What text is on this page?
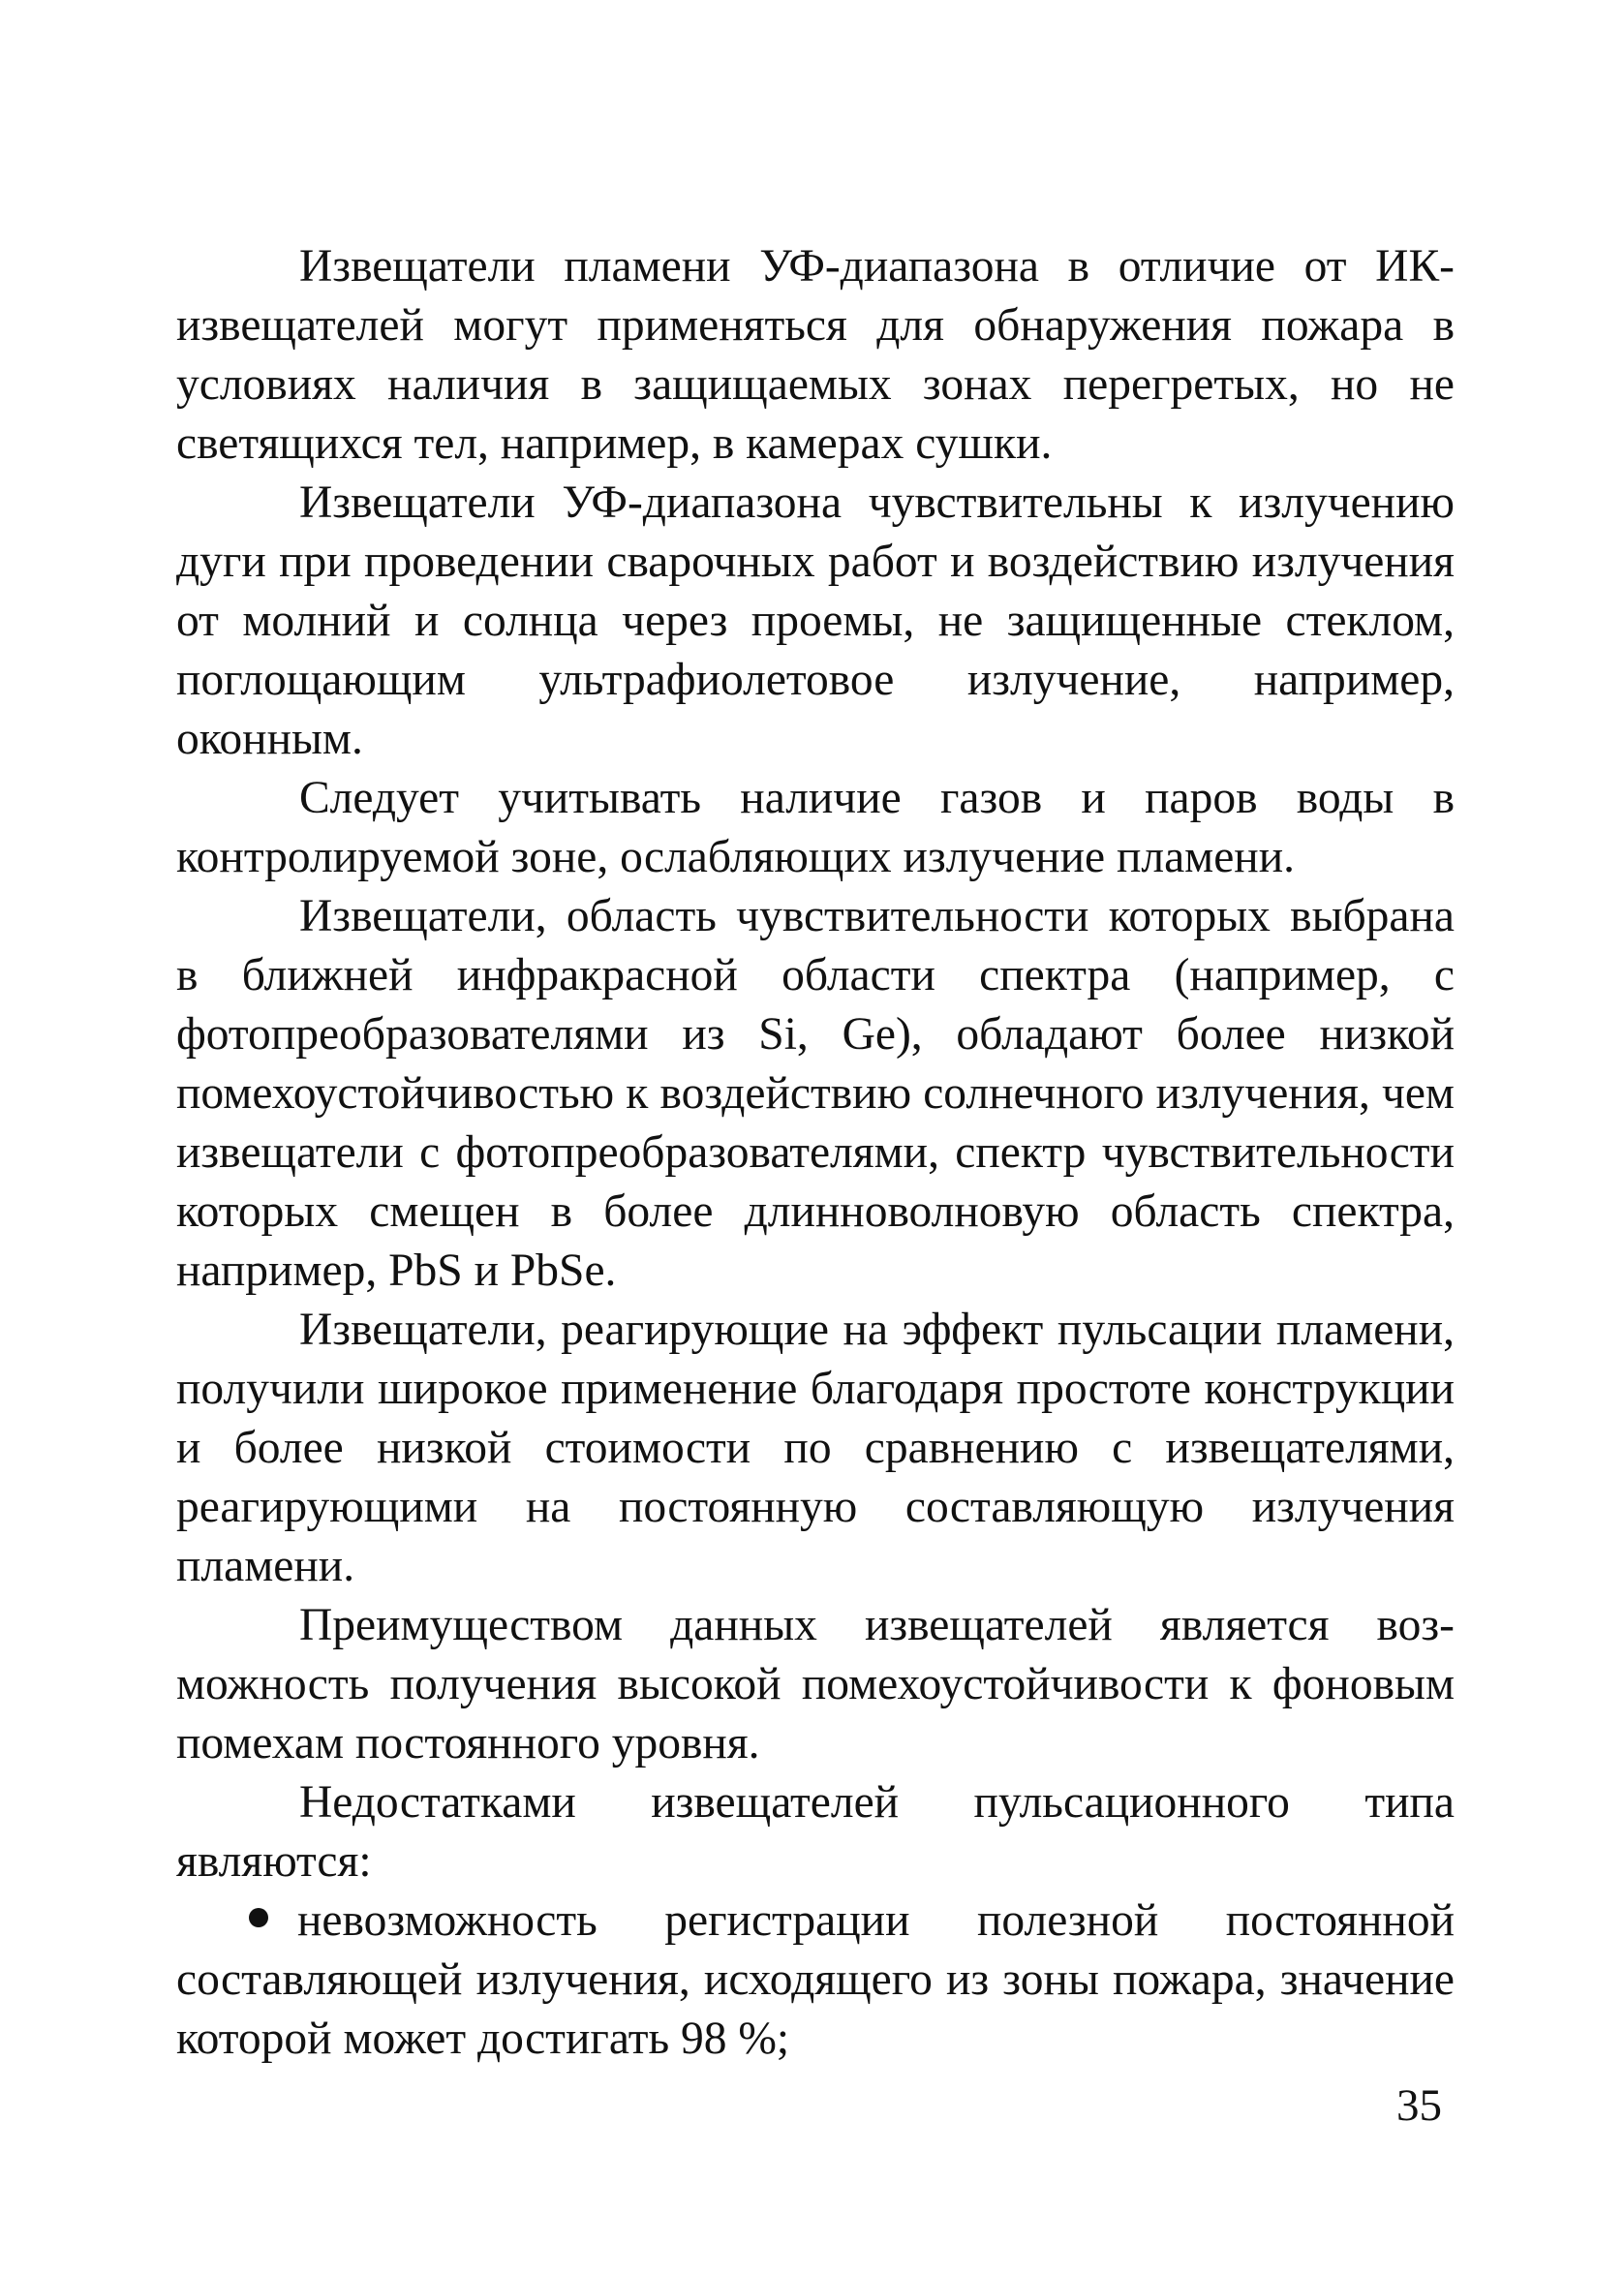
Извещатели пламени УФ-диапазона в отличие от ИК-извещателей могут применяться для обнаружения пожара в условиях наличия в защищаемых зонах перегретых, но не светящихся тел, например, в камерах сушки.

Извещатели УФ-диапазона чувствительны к излучению дуги при проведении сварочных работ и воздействию излучения от молний и солнца через проемы, не защищенные стеклом, поглощающим ультрафиолетовое излучение, например, оконным.

Следует учитывать наличие газов и паров воды в контролируемой зоне, ослабляющих излучение пламени.

Извещатели, область чувствительности которых выбрана в ближней инфракрасной области спектра (например, с фотопреобразователями из Si, Ge), обладают более низкой помехоустойчивостью к воздействию солнечного излучения, чем извещатели с фотопреобразователями, спектр чувствительности которых смещен в более длинноволновую область спектра, например, PbS и PbSe.

Извещатели, реагирующие на эффект пульсации пламени, получили широкое применение благодаря простоте конструкции и более низкой стоимости по сравнению с извещателями, реагирующими на постоянную составляющую излучения пламени.

Преимуществом данных извещателей является возможность получения высокой помехоустойчивости к фоновым помехам постоянного уровня.

Недостатками извещателей пульсационного типа являются:

невозможность регистрации полезной постоянной составляющей излучения, исходящего из зоны пожара, значение которой может достигать 98 %;

35
